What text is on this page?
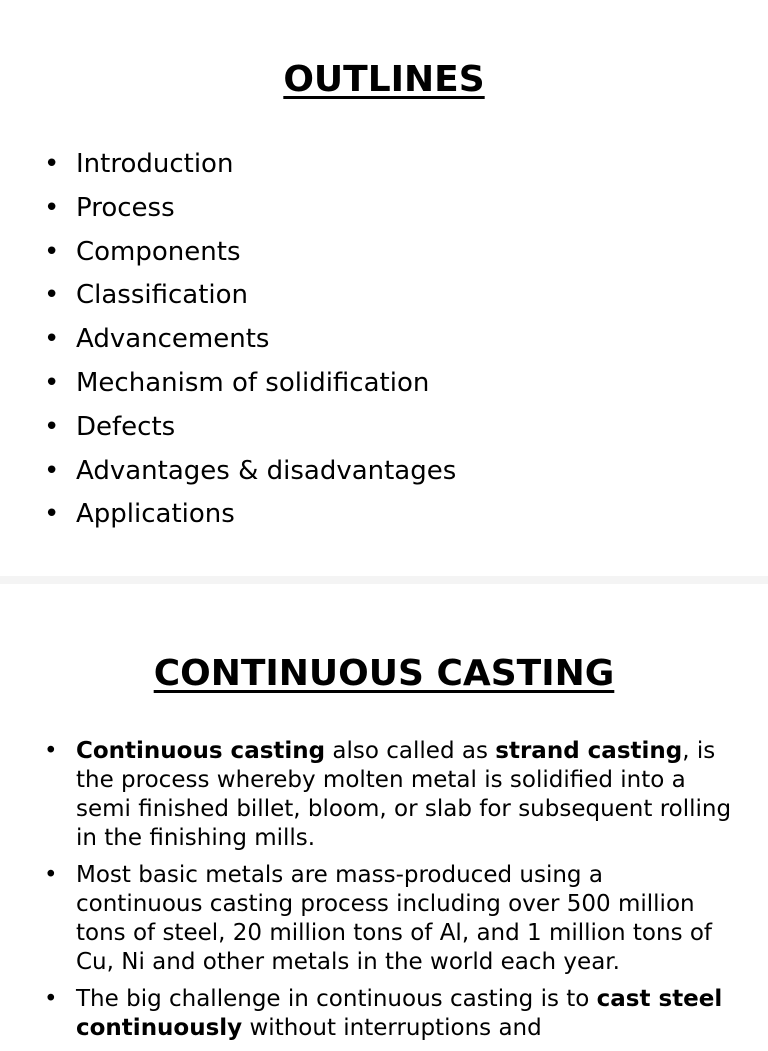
OUTLINES
• Introduction
• Process
• Components
• Classification
• Advancements
• Mechanism of solidification
• Defects
• Advantages & disadvantages
• Applications
CONTINUOUS CASTING
• Continuous casting also called as strand casting, is the process whereby molten metal is solidified into a semi finished billet, bloom, or slab for subsequent rolling in the finishing mills.
• Most basic metals are mass-produced using a continuous casting process including over 500 million tons of steel, 20 million tons of Al, and 1 million tons of Cu, Ni and other metals in the world each year.
• The big challenge in continuous casting is to cast steel continuously without interruptions and
